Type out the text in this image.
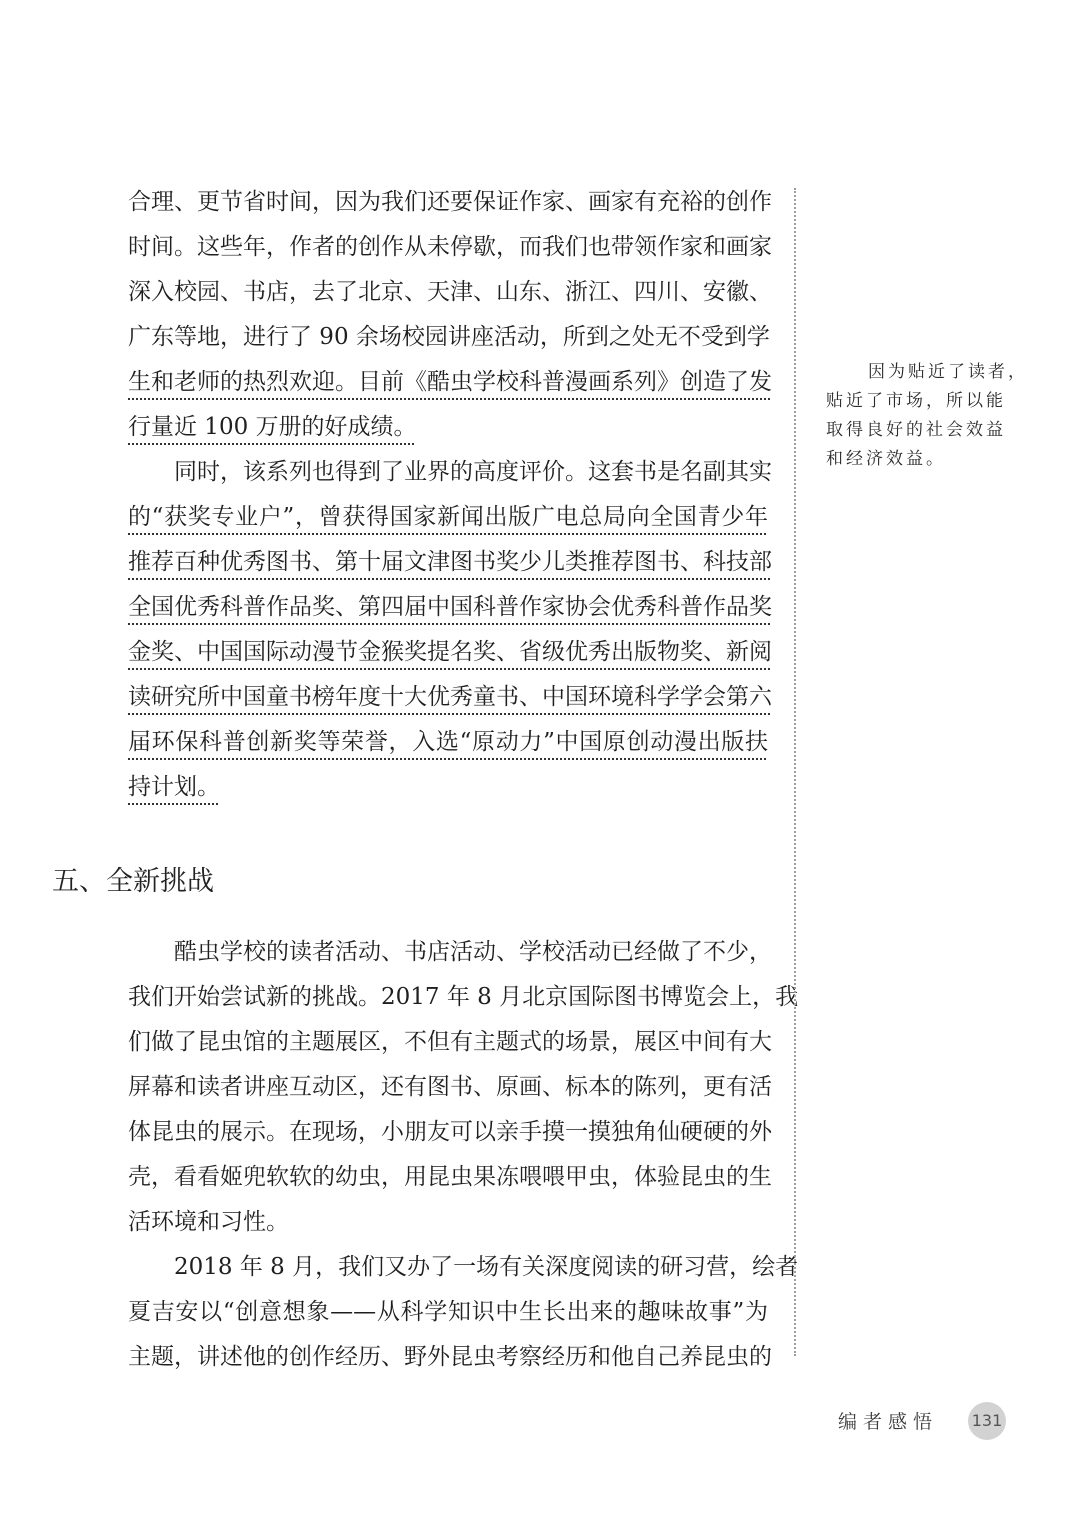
合理、更节省时间，因为我们还要保证作家、画家有充裕的创作
时间。这些年，作者的创作从未停歇，而我们也带领作家和画家
深入校园、书店，去了北京、天津、山东、浙江、四川、安徽、
广东等地，进行了 90 余场校园讲座活动，所到之处无不受到学
生和老师的热烈欢迎。目前《酷虫学校科普漫画系列》创造了发
行量近 100 万册的好成绩。
同时，该系列也得到了业界的高度评价。这套书是名副其实
的“获奖专业户”，曾获得国家新闻出版广电总局向全国青少年
推荐百种优秀图书、第十届文津图书奖少儿类推荐图书、科技部
全国优秀科普作品奖、第四届中国科普作家协会优秀科普作品奖
金奖、中国国际动漫节金猴奖提名奖、省级优秀出版物奖、新阅
读研究所中国童书榜年度十大优秀童书、中国环境科学学会第六
届环保科普创新奖等荣誉，入选“原动力”中国原创动漫出版扶
持计划。
五、全新挑战
酷虫学校的读者活动、书店活动、学校活动已经做了不少，
我们开始尝试新的挑战。2017 年 8 月北京国际图书博览会上，我
们做了昆虫馆的主题展区，不但有主题式的场景，展区中间有大
屏幕和读者讲座互动区，还有图书、原画、标本的陈列，更有活
体昆虫的展示。在现场，小朋友可以亲手摸一摸独角仙硬硬的外
壳，看看姬兜软软的幼虫，用昆虫果冻喂喂甲虫，体验昆虫的生
活环境和习性。
2018 年 8 月，我们又办了一场有关深度阅读的研习营，绘者
夏吉安以“创意想象——从科学知识中生长出来的趣味故事”为
主题，讲述他的创作经历、野外昆虫考察经历和他自己养昆虫的
因为贴近了读者，
贴近了市场，所以能
取得良好的社会效益
和经济效益。
编者感悟 131
